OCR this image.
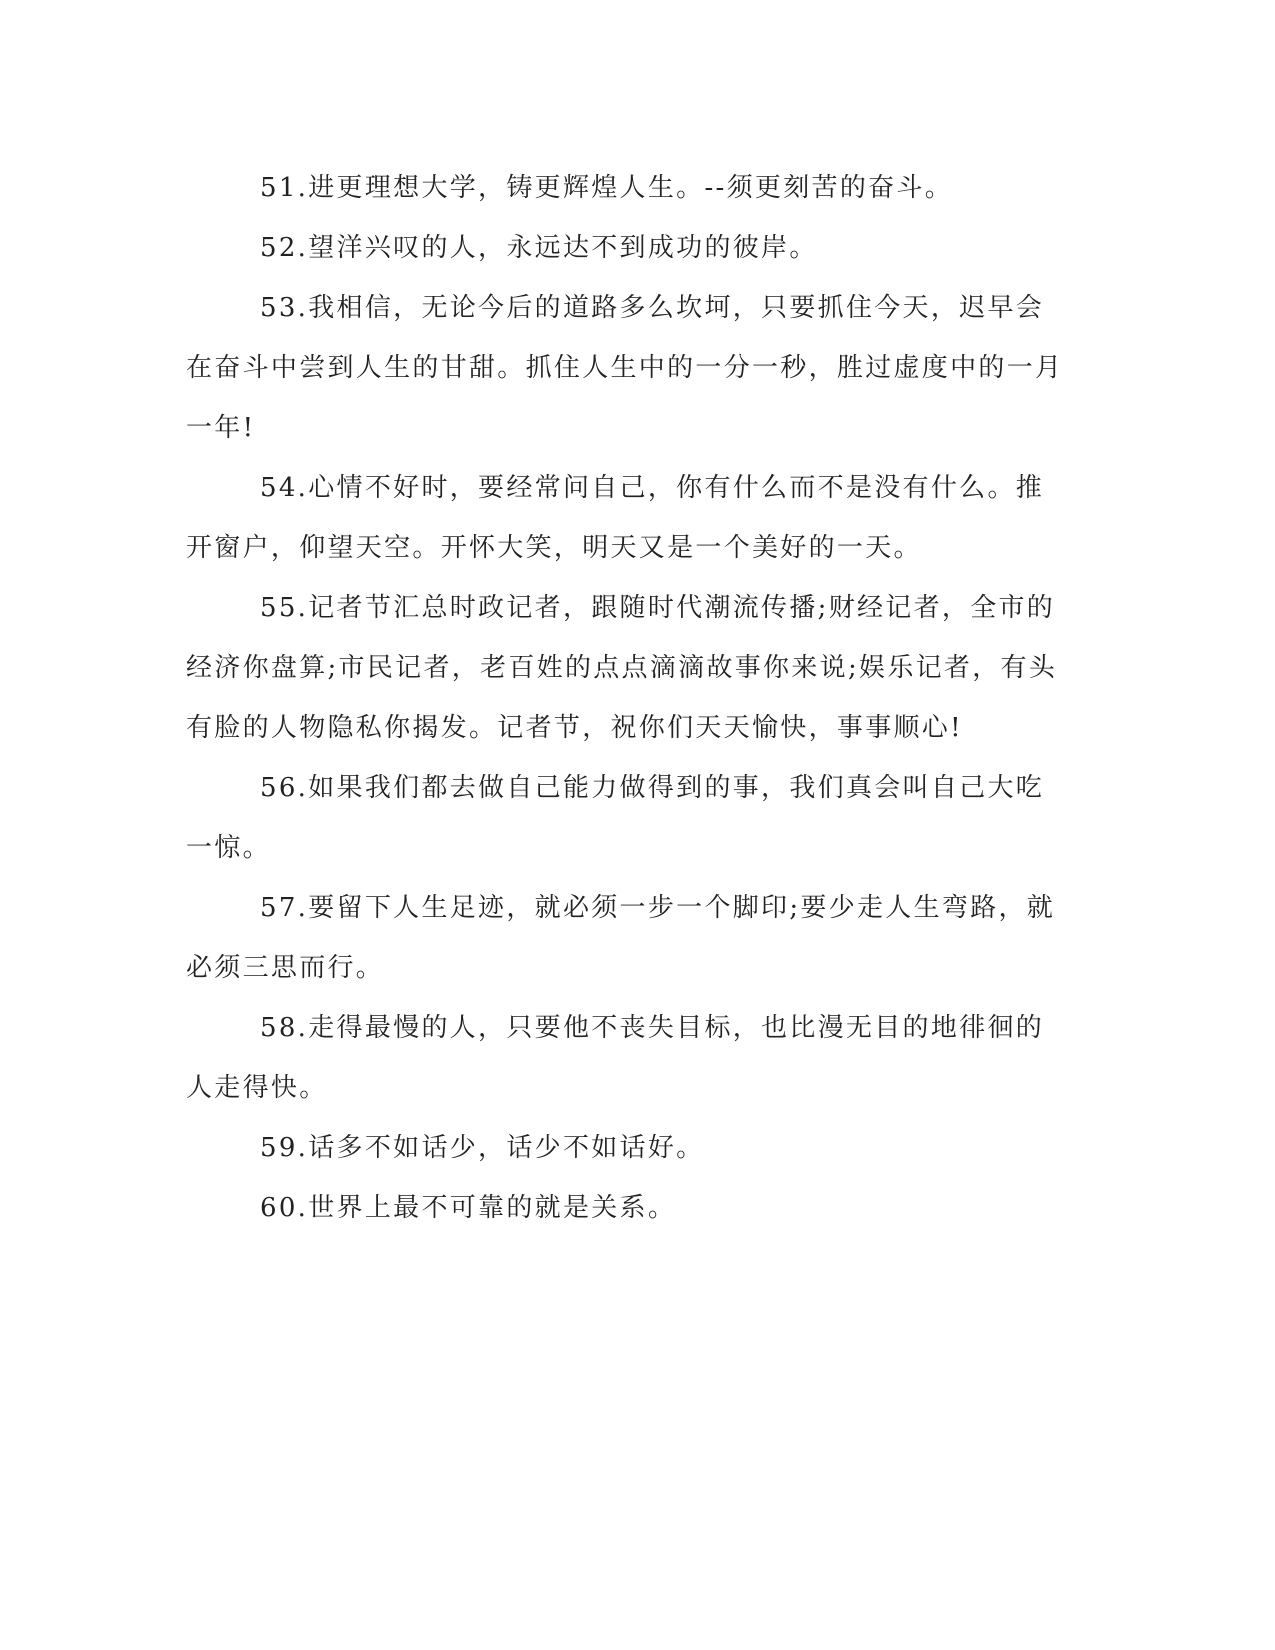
51.进更理想大学，铸更辉煌人生。--须更刻苦的奋斗。

52.望洋兴叹的人，永远达不到成功的彼岸。

53.我相信，无论今后的道路多么坎坷，只要抓住今天，迟早会在奋斗中尝到人生的甘甜。抓住人生中的一分一秒，胜过虚度中的一月一年!

54.心情不好时，要经常问自己，你有什么而不是没有什么。推开窗户，仰望天空。开怀大笑，明天又是一个美好的一天。

55.记者节汇总时政记者，跟随时代潮流传播;财经记者，全市的经济你盘算;市民记者，老百姓的点点滴滴故事你来说;娱乐记者，有头有脸的人物隐私你揭发。记者节，祝你们天天愉快，事事顺心!

56.如果我们都去做自己能力做得到的事，我们真会叫自己大吃一惊。

57.要留下人生足迹，就必须一步一个脚印;要少走人生弯路，就必须三思而行。

58.走得最慢的人，只要他不丧失目标，也比漫无目的地徘徊的人走得快。

59.话多不如话少，话少不如话好。

60.世界上最不可靠的就是关系。
